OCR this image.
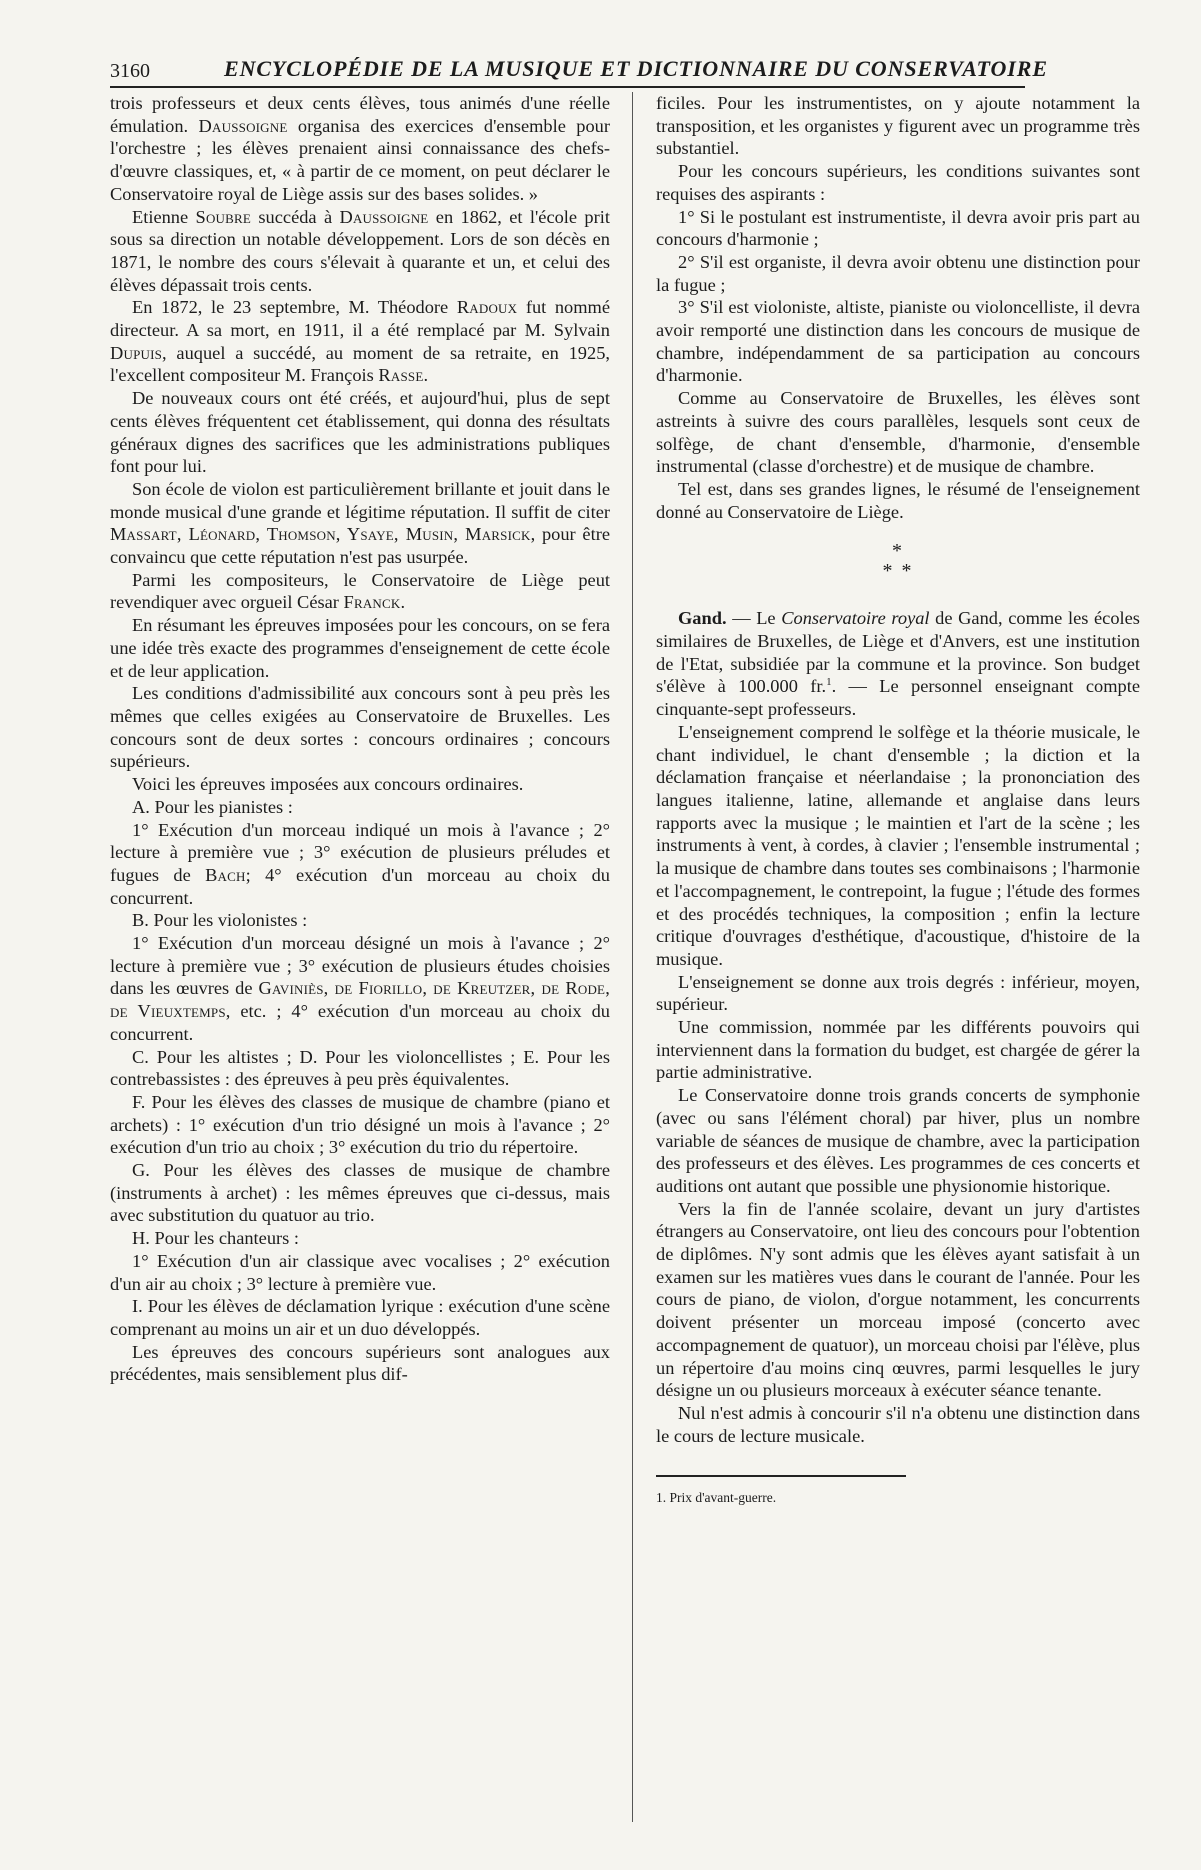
3160	ENCYCLOPÉDIE DE LA MUSIQUE ET DICTIONNAIRE DU CONSERVATOIRE

trois professeurs et deux cents élèves, tous animés d'une réelle émulation. Daussoigne organisa des exercices d'ensemble pour l'orchestre ; les élèves prenaient ainsi connaissance des chefs-d'œuvre classiques, et, « à partir de ce moment, on peut déclarer le Conservatoire royal de Liège assis sur des bases solides. »

Etienne Soubre succéda à Daussoigne en 1862, et l'école prit sous sa direction un notable développement. Lors de son décès en 1871, le nombre des cours s'élevait à quarante et un, et celui des élèves dépassait trois cents.

En 1872, le 23 septembre, M. Théodore Radoux fut nommé directeur. A sa mort, en 1911, il a été remplacé par M. Sylvain Dupuis, auquel a succédé, au moment de sa retraite, en 1925, l'excellent compositeur M. François Rasse.

De nouveaux cours ont été créés, et aujourd'hui, plus de sept cents élèves fréquentent cet établissement, qui donna des résultats généraux dignes des sacrifices que les administrations publiques font pour lui.

Son école de violon est particulièrement brillante et jouit dans le monde musical d'une grande et légitime réputation. Il suffit de citer Massart, Léonard, Thomson, Ysaye, Musin, Marsick, pour être convaincu que cette réputation n'est pas usurpée.

Parmi les compositeurs, le Conservatoire de Liège peut revendiquer avec orgueil César Franck.

En résumant les épreuves imposées pour les concours, on se fera une idée très exacte des programmes d'enseignement de cette école et de leur application.

Les conditions d'admissibilité aux concours sont à peu près les mêmes que celles exigées au Conservatoire de Bruxelles. Les concours sont de deux sortes : concours ordinaires ; concours supérieurs.

Voici les épreuves imposées aux concours ordinaires.

A. Pour les pianistes :

1° Exécution d'un morceau indiqué un mois à l'avance ; 2° lecture à première vue ; 3° exécution de plusieurs préludes et fugues de Bach; 4° exécution d'un morceau au choix du concurrent.

B. Pour les violonistes :

1° Exécution d'un morceau désigné un mois à l'avance ; 2° lecture à première vue ; 3° exécution de plusieurs études choisies dans les œuvres de Gaviniès, de Fiorillo, de Kreutzer, de Rode, de Vieuxtemps, etc. ; 4° exécution d'un morceau au choix du concurrent.

C. Pour les altistes ; D. Pour les violoncellistes ; E. Pour les contrebassistes : des épreuves à peu près équivalentes.

F. Pour les élèves des classes de musique de chambre (piano et archets) : 1° exécution d'un trio désigné un mois à l'avance ; 2° exécution d'un trio au choix ; 3° exécution du trio du répertoire.

G. Pour les élèves des classes de musique de chambre (instruments à archet) : les mêmes épreuves que ci-dessus, mais avec substitution du quatuor au trio.

H. Pour les chanteurs :

1° Exécution d'un air classique avec vocalises ; 2° exécution d'un air au choix ; 3° lecture à première vue.

I. Pour les élèves de déclamation lyrique : exécution d'une scène comprenant au moins un air et un duo développés.

Les épreuves des concours supérieurs sont analogues aux précédentes, mais sensiblement plus dif-

ficiles. Pour les instrumentistes, on y ajoute notamment la transposition, et les organistes y figurent avec un programme très substantiel.

Pour les concours supérieurs, les conditions suivantes sont requises des aspirants :

1° Si le postulant est instrumentiste, il devra avoir pris part au concours d'harmonie ;

2° S'il est organiste, il devra avoir obtenu une distinction pour la fugue ;

3° S'il est violoniste, altiste, pianiste ou violoncelliste, il devra avoir remporté une distinction dans les concours de musique de chambre, indépendamment de sa participation au concours d'harmonie.

Comme au Conservatoire de Bruxelles, les élèves sont astreints à suivre des cours parallèles, lesquels sont ceux de solfège, de chant d'ensemble, d'harmonie, d'ensemble instrumental (classe d'orchestre) et de musique de chambre.

Tel est, dans ses grandes lignes, le résumé de l'enseignement donné au Conservatoire de Liège.

*
* *

Gand. — Le Conservatoire royal de Gand, comme les écoles similaires de Bruxelles, de Liège et d'Anvers, est une institution de l'Etat, subsidiée par la commune et la province. Son budget s'élève à 100.000 fr.$^1$. — Le personnel enseignant compte cinquante-sept professeurs.

L'enseignement comprend le solfège et la théorie musicale, le chant individuel, le chant d'ensemble ; la diction et la déclamation française et néerlandaise ; la prononciation des langues italienne, latine, allemande et anglaise dans leurs rapports avec la musique ; le maintien et l'art de la scène ; les instruments à vent, à cordes, à clavier ; l'ensemble instrumental ; la musique de chambre dans toutes ses combinaisons ; l'harmonie et l'accompagnement, le contrepoint, la fugue ; l'étude des formes et des procédés techniques, la composition ; enfin la lecture critique d'ouvrages d'esthétique, d'acoustique, d'histoire de la musique.

L'enseignement se donne aux trois degrés : inférieur, moyen, supérieur.

Une commission, nommée par les différents pouvoirs qui interviennent dans la formation du budget, est chargée de gérer la partie administrative.

Le Conservatoire donne trois grands concerts de symphonie (avec ou sans l'élément choral) par hiver, plus un nombre variable de séances de musique de chambre, avec la participation des professeurs et des élèves. Les programmes de ces concerts et auditions ont autant que possible une physionomie historique.

Vers la fin de l'année scolaire, devant un jury d'artistes étrangers au Conservatoire, ont lieu des concours pour l'obtention de diplômes. N'y sont admis que les élèves ayant satisfait à un examen sur les matières vues dans le courant de l'année. Pour les cours de piano, de violon, d'orgue notamment, les concurrents doivent présenter un morceau imposé (concerto avec accompagnement de quatuor), un morceau choisi par l'élève, plus un répertoire d'au moins cinq œuvres, parmi lesquelles le jury désigne un ou plusieurs morceaux à exécuter séance tenante.

Nul n'est admis à concourir s'il n'a obtenu une distinction dans le cours de lecture musicale.

1. Prix d'avant-guerre.
